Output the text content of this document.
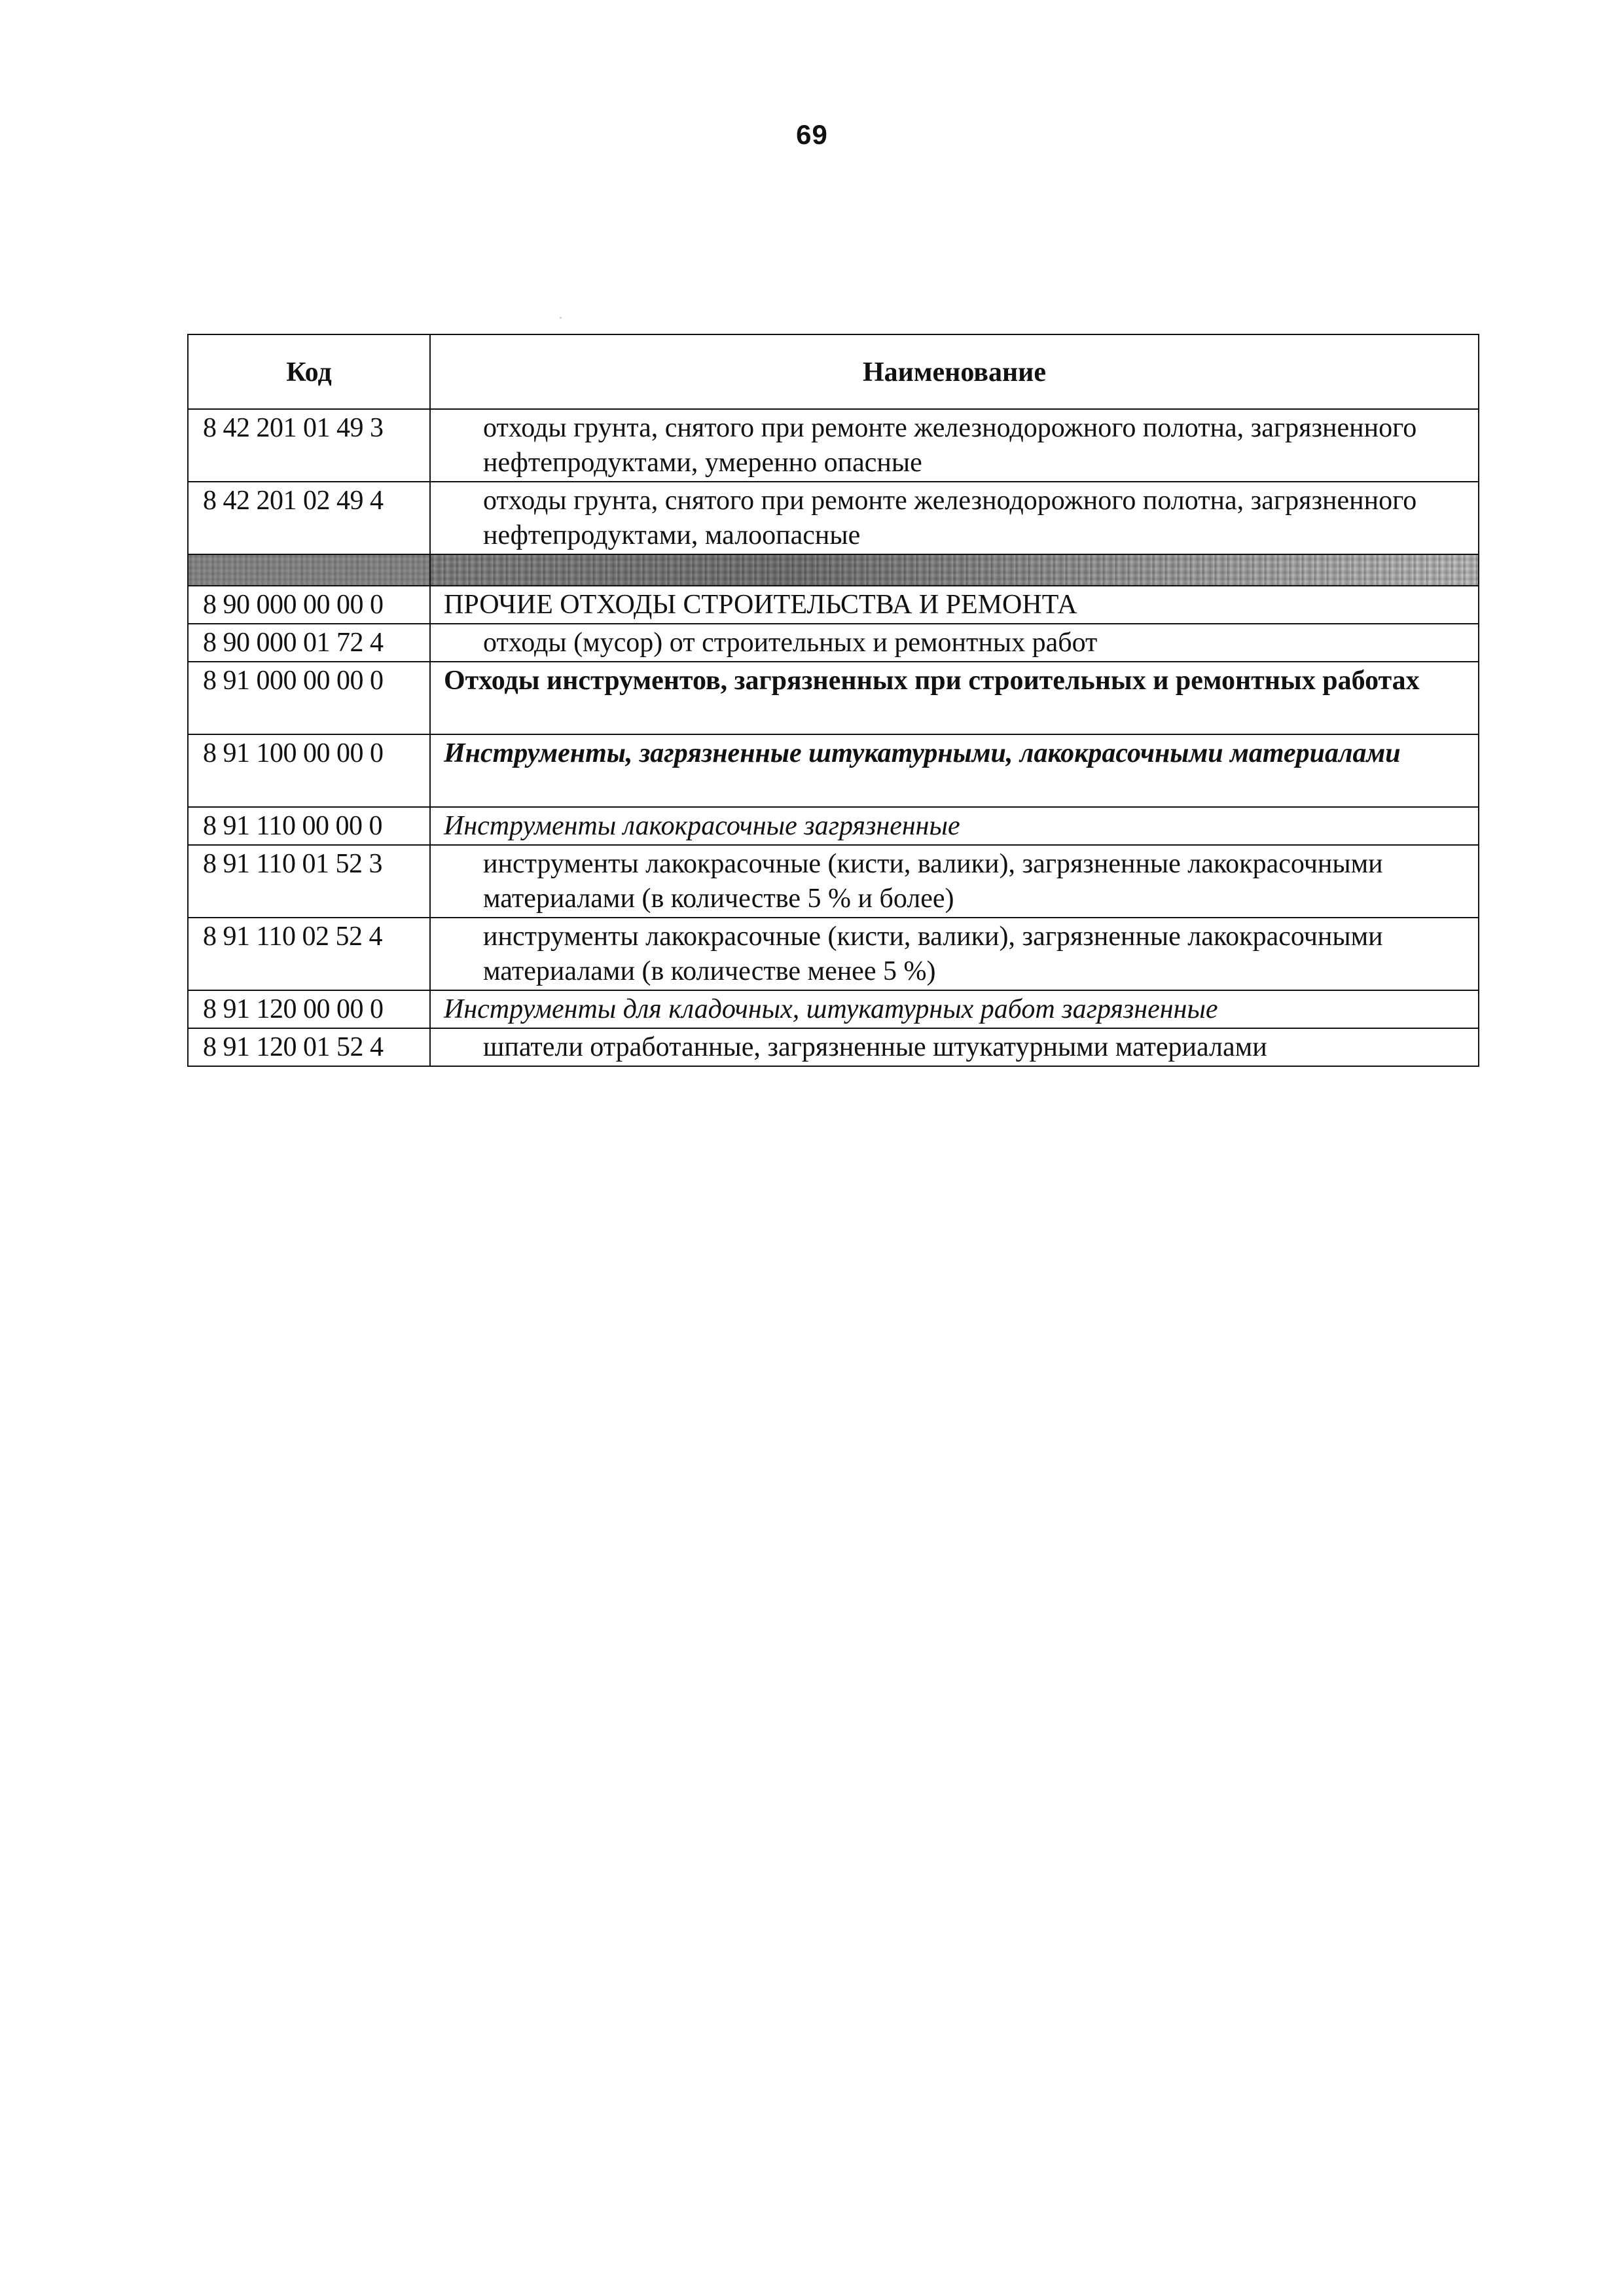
69
Код	Наименование
8 42 201 01 49 3	отходы грунта, снятого при ремонте железнодорожного полотна, загрязненного нефтепродуктами, умеренно опасные
8 42 201 02 49 4	отходы грунта, снятого при ремонте железнодорожного полотна, загрязненного нефтепродуктами, малоопасные

8 90 000 00 00 0	ПРОЧИЕ ОТХОДЫ СТРОИТЕЛЬСТВА И РЕМОНТА
8 90 000 01 72 4	отходы (мусор) от строительных и ремонтных работ
8 91 000 00 00 0	Отходы инструментов, загрязненных при строительных и ремонтных работах
8 91 100 00 00 0	Инструменты, загрязненные штукатурными, лакокрасочными материалами
8 91 110 00 00 0	Инструменты лакокрасочные загрязненные
8 91 110 01 52 3	инструменты лакокрасочные (кисти, валики), загрязненные лакокрасочными материалами (в количестве 5 % и более)
8 91 110 02 52 4	инструменты лакокрасочные (кисти, валики), загрязненные лакокрасочными материалами (в количестве менее 5 %)
8 91 120 00 00 0	Инструменты для кладочных, штукатурных работ загрязненные
8 91 120 01 52 4	шпатели отработанные, загрязненные штукатурными материалами
